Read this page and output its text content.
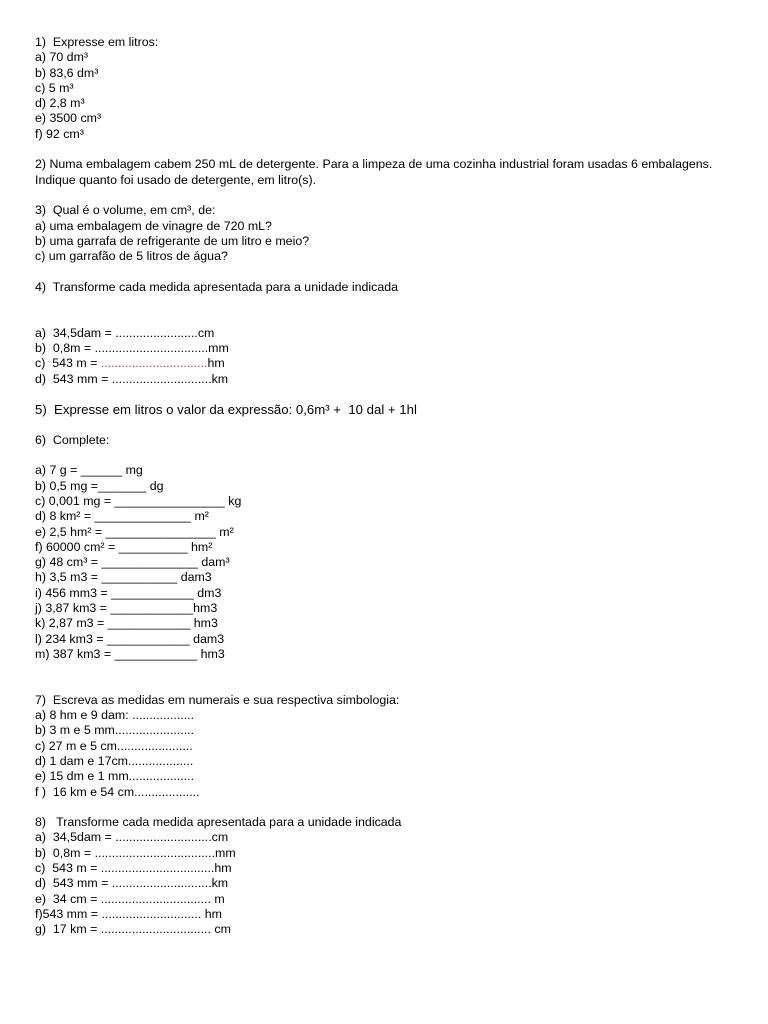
1)  Expresse em litros:
a) 70 dm³
b) 83,6 dm³
c) 5 m³
d) 2,8 m³
e) 3500 cm³
f) 92 cm³
2) Numa embalagem cabem 250 mL de detergente. Para a limpeza de uma cozinha industrial foram usadas 6 embalagens. Indique quanto foi usado de detergente, em litro(s).
3)  Qual é o volume, em cm³, de:
a) uma embalagem de vinagre de 720 mL?
b) uma garrafa de refrigerante de um litro e meio?
c) um garrafão de 5 litros de água?
4)  Transforme cada medida apresentada para a unidade indicada
a)  34,5dam = ........................cm
b)  0,8m = .................................mm
c)  543 m = ...............................hm
d)  543 mm = .............................km
5)  Expresse em litros o valor da expressão: 0,6m³ +  10 dal + 1hl
6)  Complete:
a) 7 g = ______ mg
b) 0,5 mg =_______ dg
c) 0,001 mg = ________________ kg
d) 8 km² = ______________ m²
e) 2,5 hm² = ________________ m²
f) 60000 cm² = __________ hm²
g) 48 cm³ = ______________ dam³
h) 3,5 m3 = ___________ dam3
i) 456 mm3 = ____________ dm3
j) 3,87 km3 = ____________hm3
k) 2,87 m3 = ____________ hm3
l) 234 km3 = ____________ dam3
m) 387 km3 = ____________ hm3
7)  Escreva as medidas em numerais e sua respectiva simbologia:
a) 8 hm e 9 dam: ..................
b) 3 m e 5 mm.......................
c) 27 m e 5 cm......................
d) 1 dam e 17cm...................
e) 15 dm e 1 mm...................
f )  16 km e 54 cm...................
8)   Transforme cada medida apresentada para a unidade indicada
a)  34,5dam = ............................cm
b)  0,8m = ...................................mm
c)  543 m = .................................hm
d)  543 mm = .............................km
e)  34 cm = ................................ m
f)543 mm = ............................. hm
g)  17 km = ................................ cm
